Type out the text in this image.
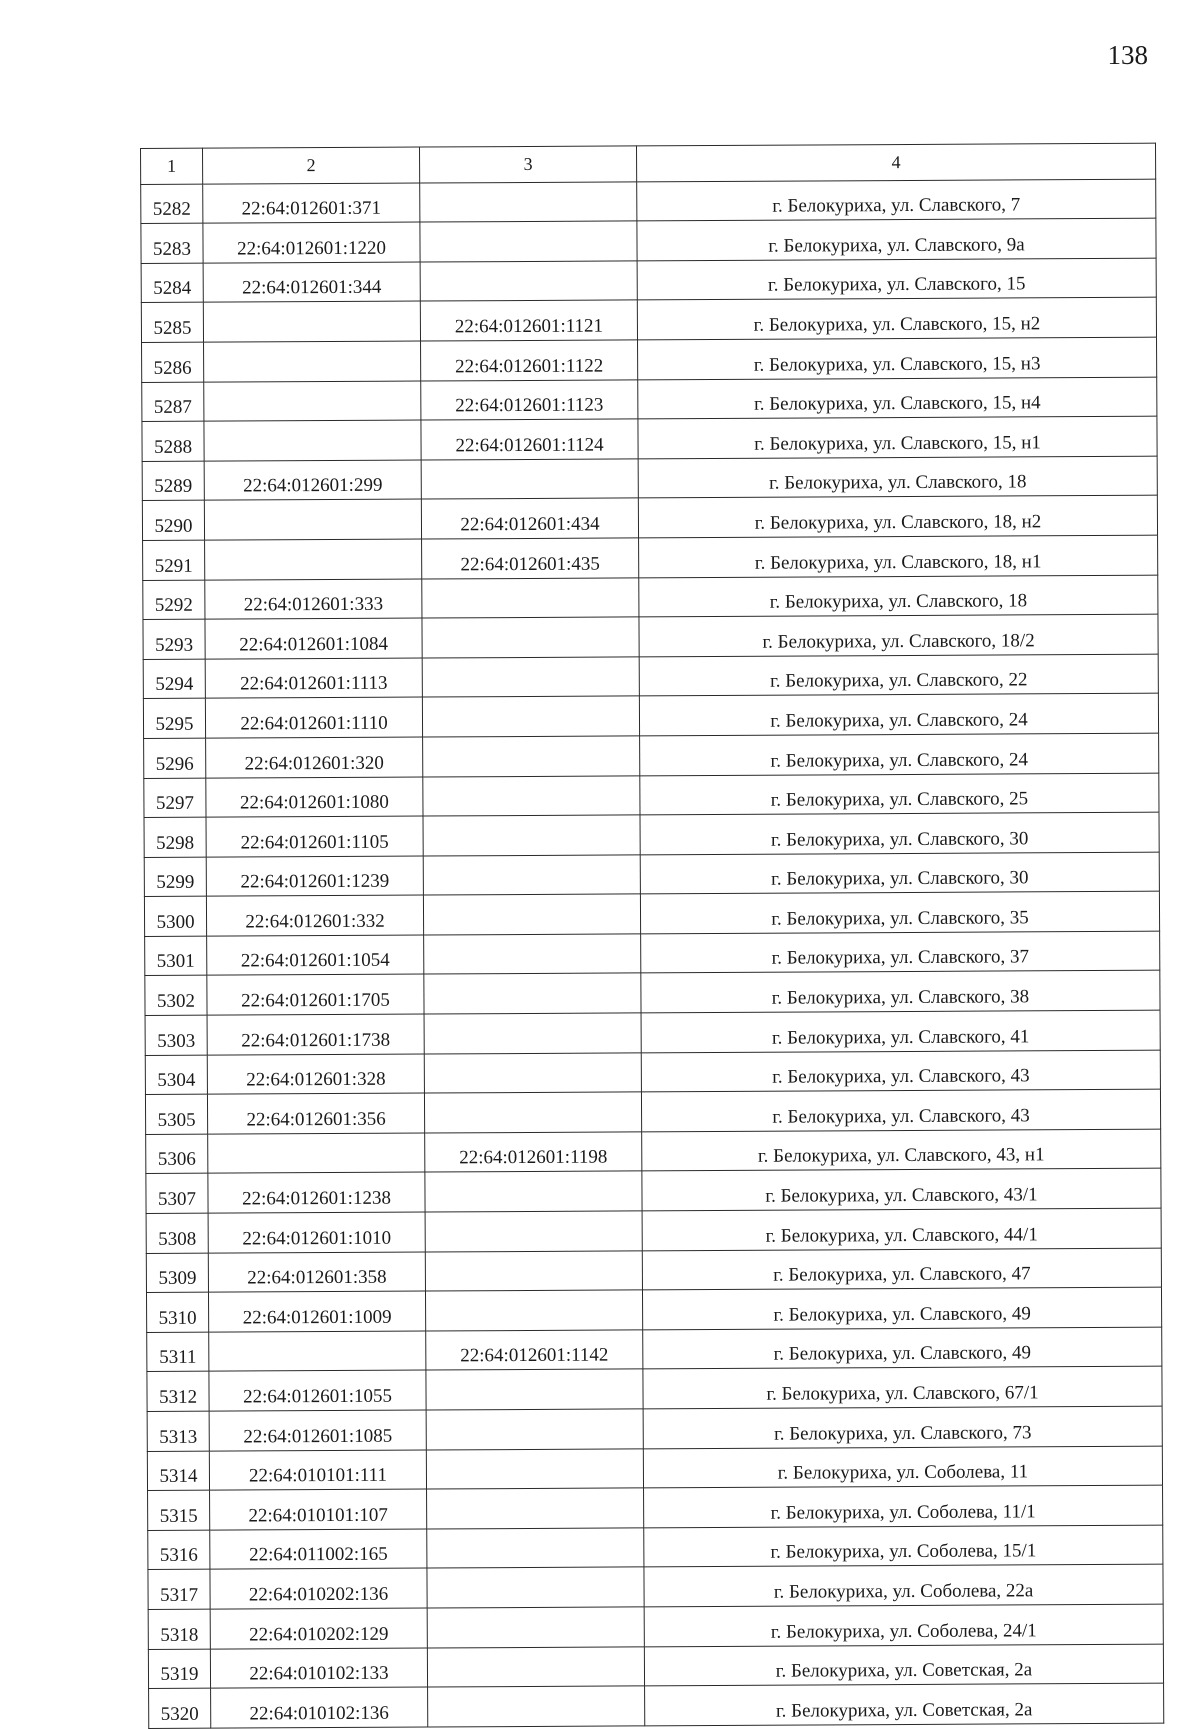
138
1	2	3	4
5282	22:64:012601:371		г. Белокуриха, ул. Славского, 7
5283	22:64:012601:1220		г. Белокуриха, ул. Славского, 9а
5284	22:64:012601:344		г. Белокуриха, ул. Славского, 15
5285		22:64:012601:1121	г. Белокуриха, ул. Славского, 15, н2
5286		22:64:012601:1122	г. Белокуриха, ул. Славского, 15, н3
5287		22:64:012601:1123	г. Белокуриха, ул. Славского, 15, н4
5288		22:64:012601:1124	г. Белокуриха, ул. Славского, 15, н1
5289	22:64:012601:299		г. Белокуриха, ул. Славского, 18
5290		22:64:012601:434	г. Белокуриха, ул. Славского, 18, н2
5291		22:64:012601:435	г. Белокуриха, ул. Славского, 18, н1
5292	22:64:012601:333		г. Белокуриха, ул. Славского, 18
5293	22:64:012601:1084		г. Белокуриха, ул. Славского, 18/2
5294	22:64:012601:1113		г. Белокуриха, ул. Славского, 22
5295	22:64:012601:1110		г. Белокуриха, ул. Славского, 24
5296	22:64:012601:320		г. Белокуриха, ул. Славского, 24
5297	22:64:012601:1080		г. Белокуриха, ул. Славского, 25
5298	22:64:012601:1105		г. Белокуриха, ул. Славского, 30
5299	22:64:012601:1239		г. Белокуриха, ул. Славского, 30
5300	22:64:012601:332		г. Белокуриха, ул. Славского, 35
5301	22:64:012601:1054		г. Белокуриха, ул. Славского, 37
5302	22:64:012601:1705		г. Белокуриха, ул. Славского, 38
5303	22:64:012601:1738		г. Белокуриха, ул. Славского, 41
5304	22:64:012601:328		г. Белокуриха, ул. Славского, 43
5305	22:64:012601:356		г. Белокуриха, ул. Славского, 43
5306		22:64:012601:1198	г. Белокуриха, ул. Славского, 43, н1
5307	22:64:012601:1238		г. Белокуриха, ул. Славского, 43/1
5308	22:64:012601:1010		г. Белокуриха, ул. Славского, 44/1
5309	22:64:012601:358		г. Белокуриха, ул. Славского, 47
5310	22:64:012601:1009		г. Белокуриха, ул. Славского, 49
5311		22:64:012601:1142	г. Белокуриха, ул. Славского, 49
5312	22:64:012601:1055		г. Белокуриха, ул. Славского, 67/1
5313	22:64:012601:1085		г. Белокуриха, ул. Славского, 73
5314	22:64:010101:111		г. Белокуриха, ул. Соболева, 11
5315	22:64:010101:107		г. Белокуриха, ул. Соболева, 11/1
5316	22:64:011002:165		г. Белокуриха, ул. Соболева, 15/1
5317	22:64:010202:136		г. Белокуриха, ул. Соболева, 22а
5318	22:64:010202:129		г. Белокуриха, ул. Соболева, 24/1
5319	22:64:010102:133		г. Белокуриха, ул. Советская, 2а
5320	22:64:010102:136		г. Белокуриха, ул. Советская, 2а
